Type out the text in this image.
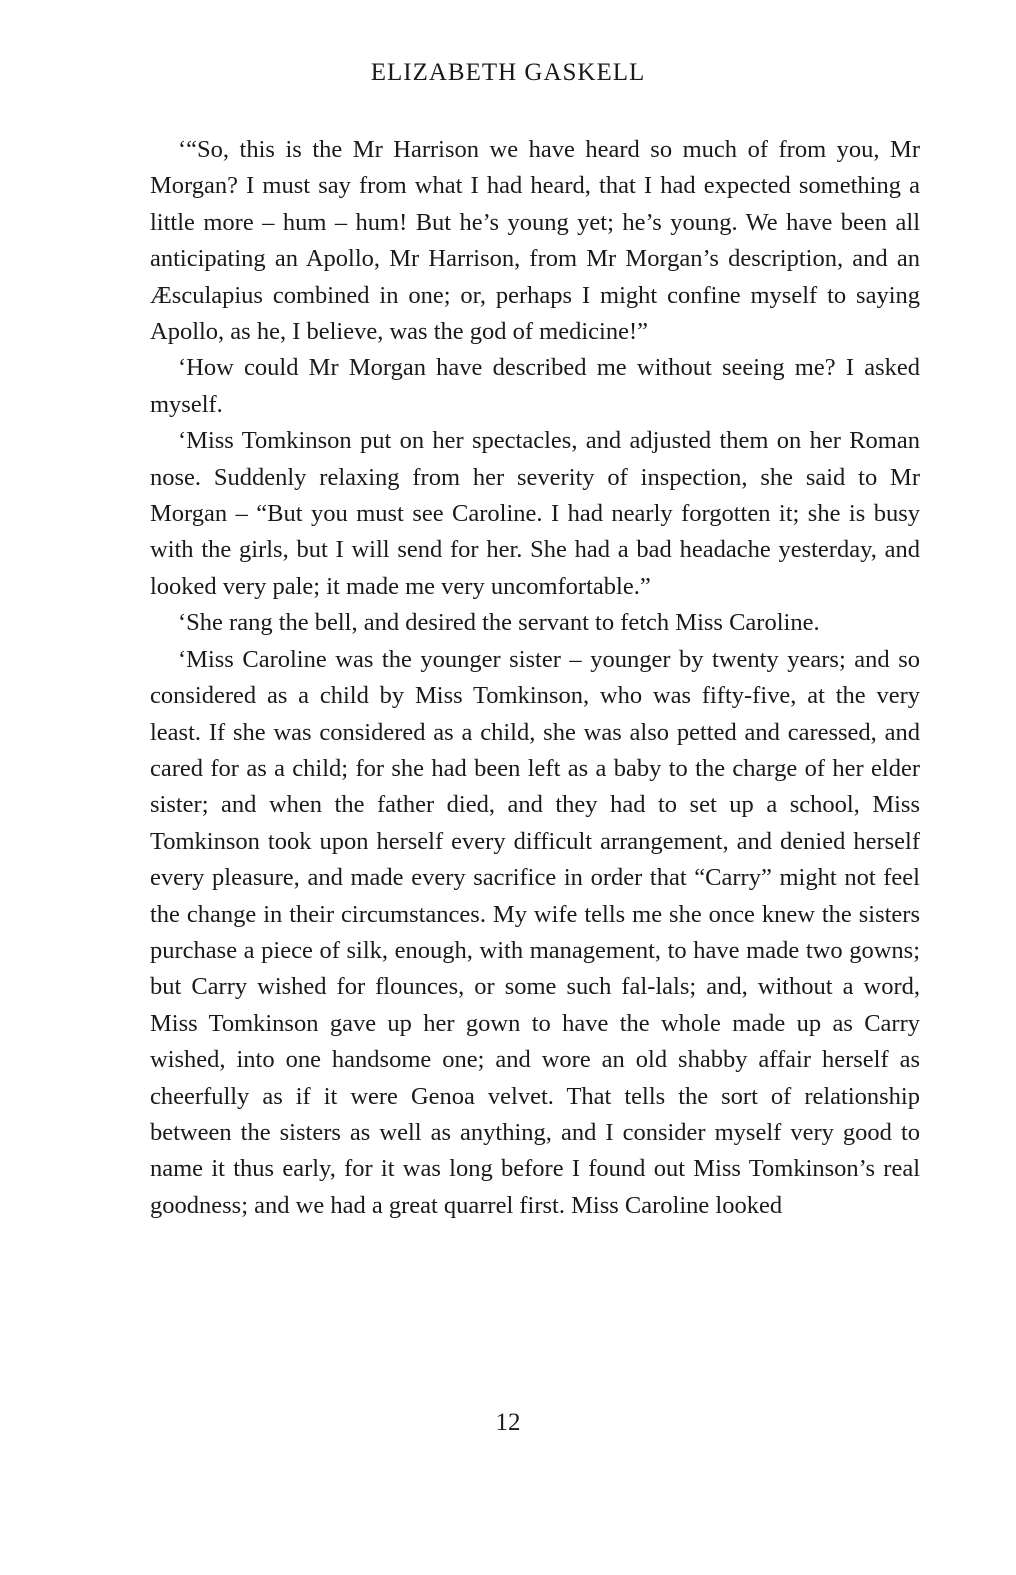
ELIZABETH GASKELL

‘“So, this is the Mr Harrison we have heard so much of from you, Mr Morgan? I must say from what I had heard, that I had expected something a little more – hum – hum! But he’s young yet; he’s young. We have been all anticipating an Apollo, Mr Harrison, from Mr Morgan’s description, and an Æsculapius combined in one; or, perhaps I might confine myself to saying Apollo, as he, I believe, was the god of medicine!”

‘How could Mr Morgan have described me without seeing me? I asked myself.

‘Miss Tomkinson put on her spectacles, and adjusted them on her Roman nose. Suddenly relaxing from her severity of inspection, she said to Mr Morgan – “But you must see Caroline. I had nearly forgotten it; she is busy with the girls, but I will send for her. She had a bad headache yesterday, and looked very pale; it made me very uncomfortable.”

‘She rang the bell, and desired the servant to fetch Miss Caroline.

‘Miss Caroline was the younger sister – younger by twenty years; and so considered as a child by Miss Tomkinson, who was fifty-five, at the very least. If she was considered as a child, she was also petted and caressed, and cared for as a child; for she had been left as a baby to the charge of her elder sister; and when the father died, and they had to set up a school, Miss Tomkinson took upon herself every difficult arrangement, and denied herself every pleasure, and made every sacrifice in order that “Carry” might not feel the change in their circumstances. My wife tells me she once knew the sisters purchase a piece of silk, enough, with management, to have made two gowns; but Carry wished for flounces, or some such fal-lals; and, without a word, Miss Tomkinson gave up her gown to have the whole made up as Carry wished, into one handsome one; and wore an old shabby affair herself as cheerfully as if it were Genoa velvet. That tells the sort of relationship between the sisters as well as anything, and I consider myself very good to name it thus early, for it was long before I found out Miss Tomkinson’s real goodness; and we had a great quarrel first. Miss Caroline looked

12
